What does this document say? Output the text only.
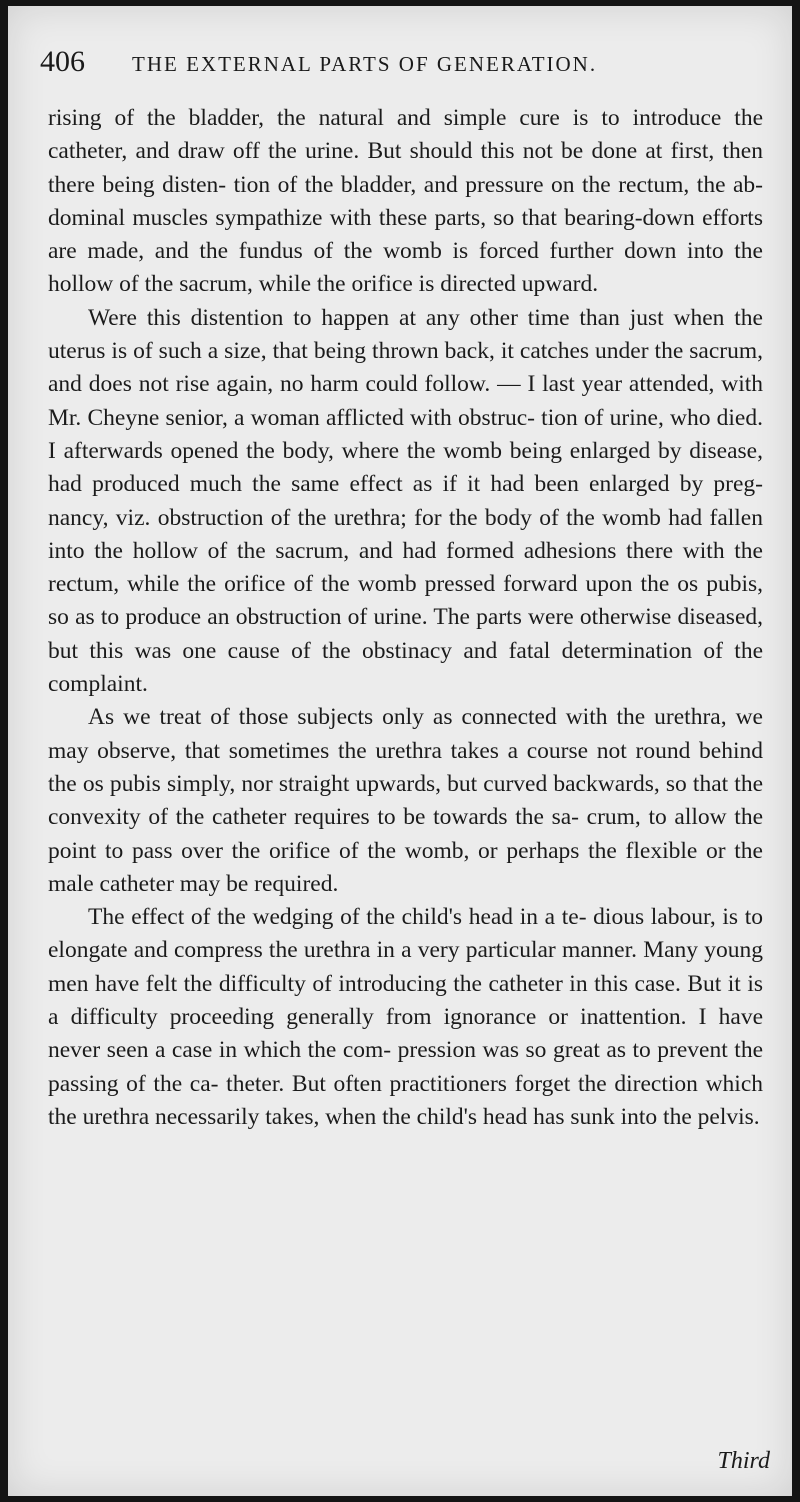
406 THE EXTERNAL PARTS OF GENERATION.

rising of the bladder, the natural and simple cure is to introduce the catheter, and draw off the urine. But should this not be done at first, then there being disten- tion of the bladder, and pressure on the rectum, the ab- dominal muscles sympathize with these parts, so that bearing-down efforts are made, and the fundus of the womb is forced further down into the hollow of the sacrum, while the orifice is directed upward.

Were this distention to happen at any other time than just when the uterus is of such a size, that being thrown back, it catches under the sacrum, and does not rise again, no harm could follow. — I last year attended, with Mr. Cheyne senior, a woman afflicted with obstruc- tion of urine, who died. I afterwards opened the body, where the womb being enlarged by disease, had produced much the same effect as if it had been enlarged by preg- nancy, viz. obstruction of the urethra; for the body of the womb had fallen into the hollow of the sacrum, and had formed adhesions there with the rectum, while the orifice of the womb pressed forward upon the os pubis, so as to produce an obstruction of urine. The parts were otherwise diseased, but this was one cause of the obstinacy and fatal determination of the complaint.

As we treat of those subjects only as connected with the urethra, we may observe, that sometimes the urethra takes a course not round behind the os pubis simply, nor straight upwards, but curved backwards, so that the convexity of the catheter requires to be towards the sa- crum, to allow the point to pass over the orifice of the womb, or perhaps the flexible or the male catheter may be required.

The effect of the wedging of the child's head in a te- dious labour, is to elongate and compress the urethra in a very particular manner. Many young men have felt the difficulty of introducing the catheter in this case. But it is a difficulty proceeding generally from ignorance or inattention. I have never seen a case in which the com- pression was so great as to prevent the passing of the ca- theter. But often practitioners forget the direction which the urethra necessarily takes, when the child's head has sunk into the pelvis.

Third
